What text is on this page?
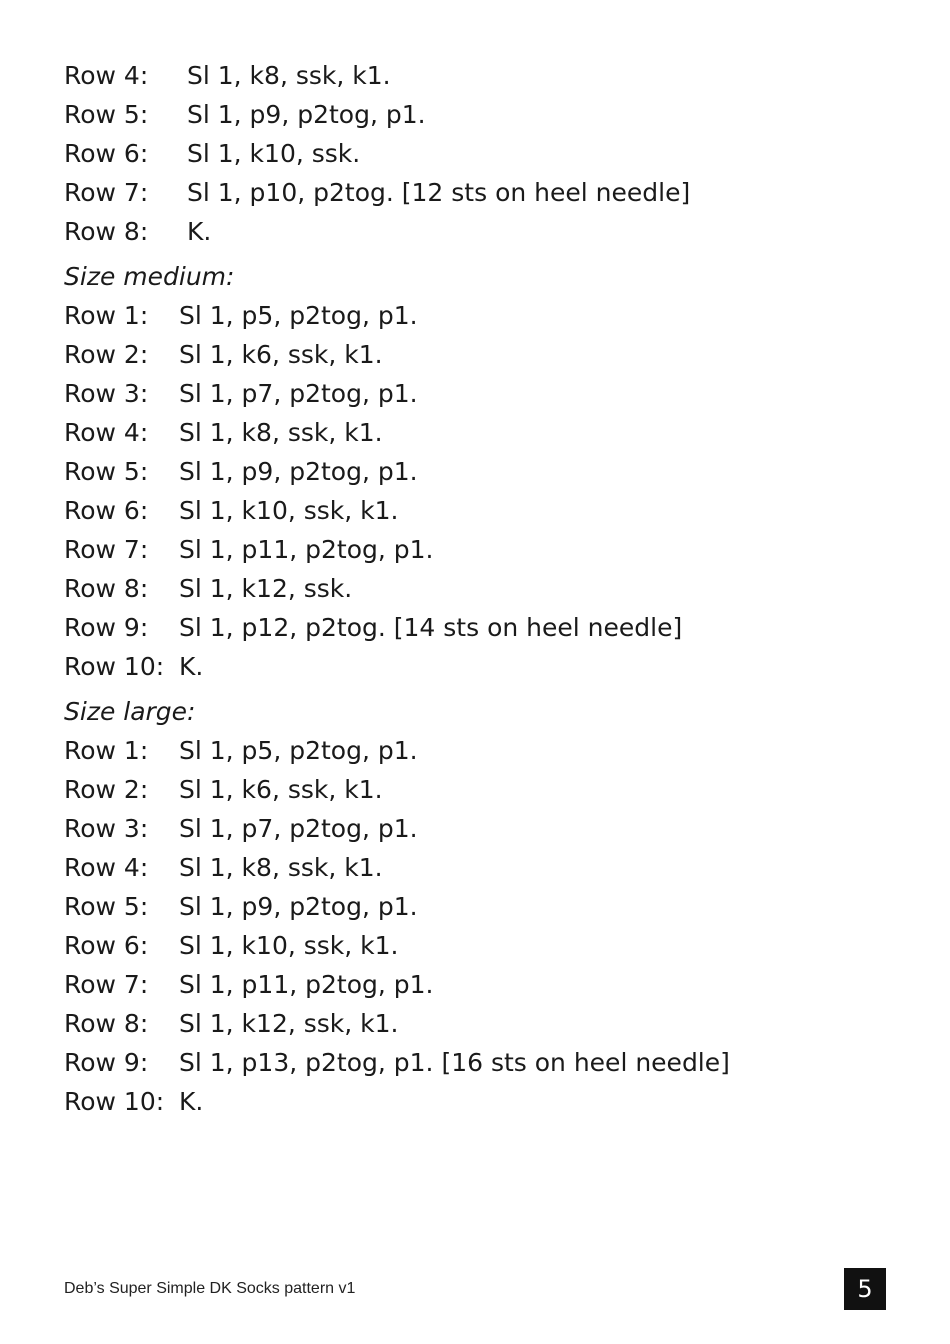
Row 4:	Sl 1, k8, ssk, k1.
Row 5:	Sl 1, p9, p2tog, p1.
Row 6:	Sl 1, k10, ssk.
Row 7:	Sl 1, p10, p2tog. [12 sts on heel needle]
Row 8:	K.
Size medium:
Row 1:	Sl 1, p5, p2tog, p1.
Row 2:	Sl 1, k6, ssk, k1.
Row 3:	Sl 1, p7, p2tog, p1.
Row 4:	Sl 1, k8, ssk, k1.
Row 5:	Sl 1, p9, p2tog, p1.
Row 6:	Sl 1, k10, ssk, k1.
Row 7:	Sl 1, p11, p2tog, p1.
Row 8:	Sl 1, k12, ssk.
Row 9:	Sl 1, p12, p2tog. [14 sts on heel needle]
Row 10: K.
Size large:
Row 1:	Sl 1, p5, p2tog, p1.
Row 2:	Sl 1, k6, ssk, k1.
Row 3:	Sl 1, p7, p2tog, p1.
Row 4:	Sl 1, k8, ssk, k1.
Row 5:	Sl 1, p9, p2tog, p1.
Row 6:	Sl 1, k10, ssk, k1.
Row 7:	Sl 1, p11, p2tog, p1.
Row 8:	Sl 1, k12, ssk, k1.
Row 9:	Sl 1, p13, p2tog, p1. [16 sts on heel needle]
Row 10: K.
Deb’s Super Simple DK Socks pattern v1	5
